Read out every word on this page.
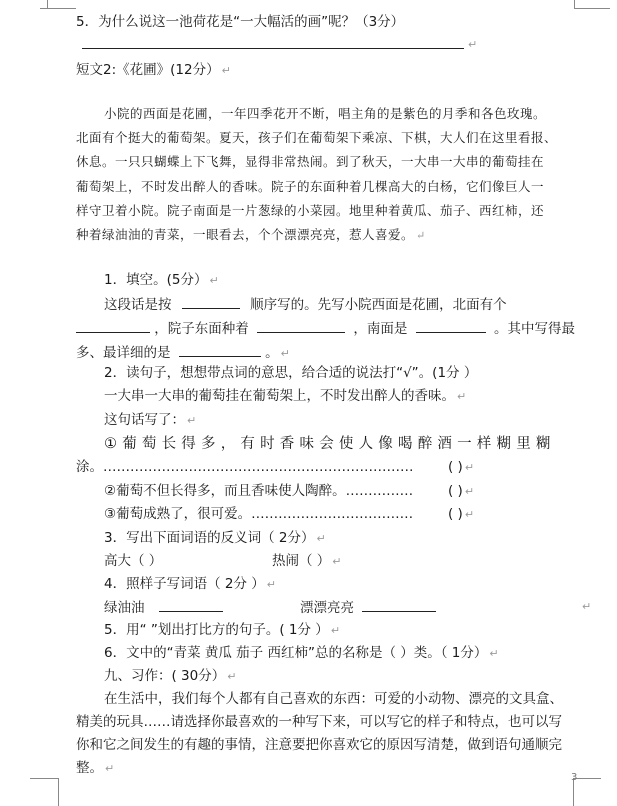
5．为什么说这一池荷花是“一大幅活的画”呢？（3分）
↵
短文2:《花圃》(12分） ↵
小院的西面是花圃，一年四季花开不断，唱主角的是紫色的月季和各色玫瑰。
北面有个挺大的葡萄架。夏天，孩子们在葡萄架下乘凉、下棋，大人们在这里看报、
休息。一只只蝴蝶上下飞舞，显得非常热闹。到了秋天，一大串一大串的葡萄挂在
葡萄架上，不时发出醉人的香味。院子的东面种着几棵高大的白杨，它们像巨人一
样守卫着小院。院子南面是一片葱绿的小菜园。地里种着黄瓜、茄子、西红柿，还
种着绿油油的青菜，一眼看去，个个漂漂亮亮，惹人喜爱。 ↵
1．填空。(5分） ↵
这段话是按	顺序写的。先写小院西面是花圃，北面有个
，院子东面种着	，南面是	。其中写得最
多、最详细的是	。 ↵
2．读句子，想想带点词的意思，给合适的说法打“√”。(1分 ）
一大串一大串的葡萄挂在葡萄架上，不时发出醉人的香味。 ↵
这句话写了： ↵
①葡萄长得多，有时香味会使人像喝醉酒一样糊里糊
涂。……………………………………………………………	( ) ↵
②葡萄不但长得多，而且香味使人陶醉。……………	( ) ↵
③葡萄成熟了，很可爱。………………………………	( ) ↵
3．写出下面词语的反义词（ 2分） ↵
高大（ ）	热闹（ ） ↵
4．照样子写词语（ 2分 ） ↵
绿油油	漂漂亮亮	↵
5．用“ ”划出打比方的句子。( 1分 ） ↵
6．文中的“青菜 黄瓜 茄子 西红柿”总的名称是（ ）类。（ 1分） ↵
九、习作：( 30分） ↵
在生活中，我们每个人都有自己喜欢的东西：可爱的小动物、漂亮的文具盒、
精美的玩具……请选择你最喜欢的一种写下来，可以写它的样子和特点，也可以写
你和它之间发生的有趣的事情，注意要把你喜欢它的原因写清楚，做到语句通顺完
整。 ↵
3
